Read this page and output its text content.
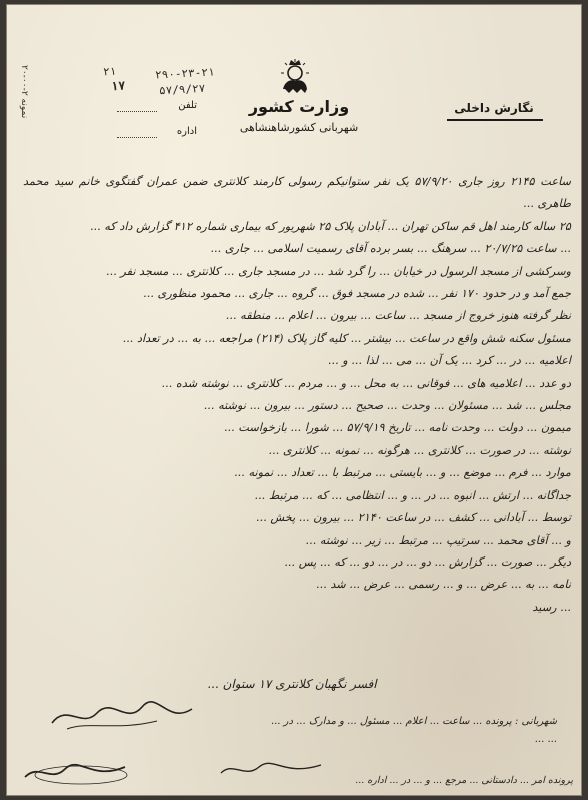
وزارت کشور
شهربانی کشورشاهنشاهی
نگارش داخلی
تلفن
اداره
۲۹۰-۲۳-۲۱
۵۷/۹/۲۷
۲۱
۱۷
نمونه ۲-۰۰-۲۰

ساعت ۲۱۴۵ روز جاری ۵۷/۹/۲۰ یک نفر ستوانیکم رسولی کارمند کلانتری ضمن عمران گفتگوی خانم سید محمد طاهری ...

۲۵ ساله کارمند اهل قم ساکن تهران ... آبادان پلاک ۲۵ شهریور که بیماری شماره ۴۱۲ گزارش داد که ...

... ساعت ۲۰/۷/۲۵ ... سرهنگ ... بسر برده آقای رسمیت اسلامی ... جاری ...

وسرکشی از مسجد الرسول در خیابان ... را گرد شد ... در مسجد جاری ... کلانتری ... مسجد نفر ...

جمع آمد و در حدود ۱۷۰ نفر ... شده در مسجد فوق ... گروه ... جاری ... محمود منظوری ...

نظر گرفته هنوز خروج از مسجد ... ساعت ... بیرون ... اعلام ... منطقه ...

مسئول سکنه شش واقع در ساعت ... بیشتر ... کلیه گاز پلاک (۲۱۴) مراجعه ... به ... در تعداد ...

اعلامیه ... در ... کرد ... یک آن ... می ... لذا ... و ...

دو عدد ... اعلامیه های ... فوقانی ... به محل ... و ... مردم ... کلانتری ... نوشته شده ...

مجلس ... شد ... مسئولان ... وحدت ... صحیح ... دستور ... بیرون ... نوشته ...

میمون ... دولت ... وحدت نامه ... تاریخ ۵۷/۹/۱۹ ... شورا ... بازخواست ...

نوشته ... در صورت ... کلانتری ... هرگونه ... نمونه ... کلانتری ...

موارد ... فرم ... موضع ... و ... بایستی ... مرتبط با ... تعداد ... نمونه ...

جداگانه ... ارتش ... انبوه ... در ... و ... انتظامی ... که ... مرتبط ...

توسط ... آبادانی ... کشف ... در ساعت ۲۱۴۰ ... بیرون ... پخش ...

و ... آقای محمد ... سرتیپ ... مرتبط ... زیر ... نوشته ...

دیگر ... صورت ... گزارش ... دو ... در ... دو ... که ... پس ...

نامه ... به ... عرض ... و ... رسمی ... عرض ... شد ...

... رسید

افسر نگهبان کلانتری ۱۷ ستوان ...
شهربانی : پرونده ... ساعت ... اعلام ... مسئول ... و مدارک ... در ...
... ...
پرونده امر ... دادستانی ... مرجع ... و ... در ... اداره ...
